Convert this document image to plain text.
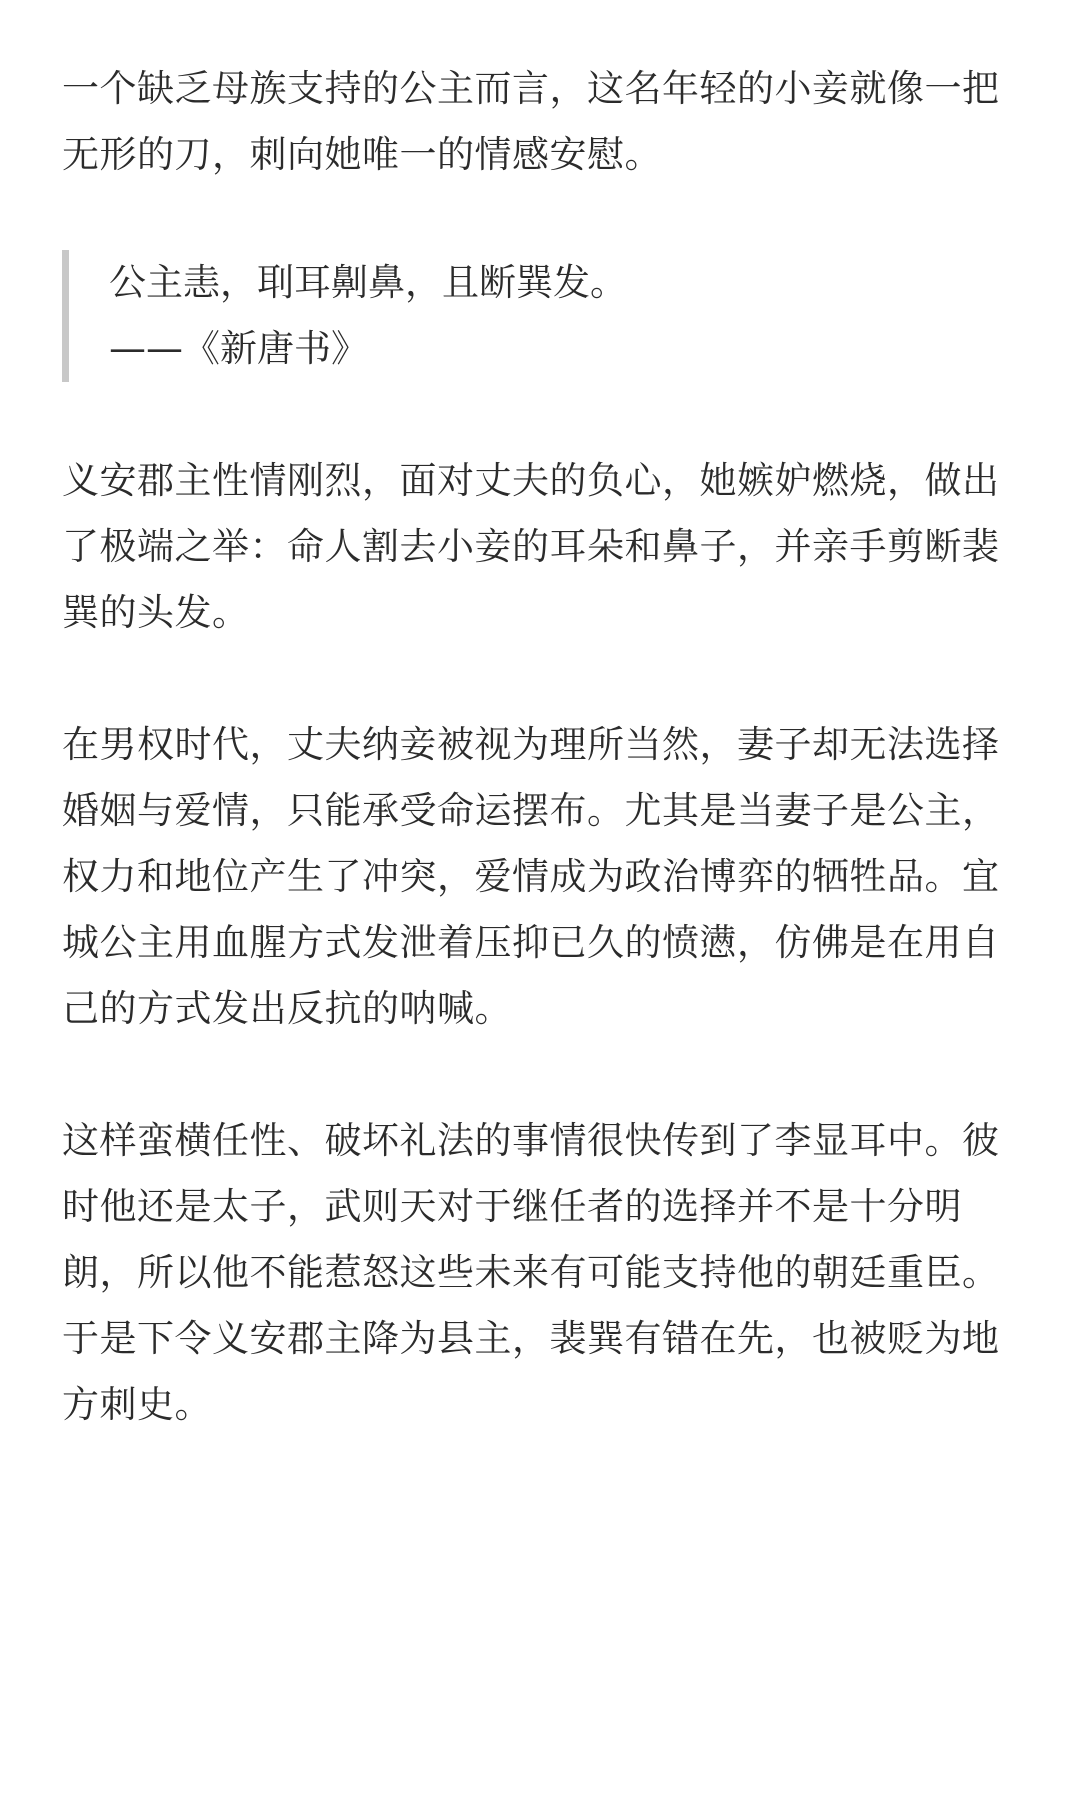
一个缺乏母族支持的公主而言，这名年轻的小妾就像一把无形的刀，刺向她唯一的情感安慰。

公主恚，刵耳劓鼻，且断巽发。
——《新唐书》

义安郡主性情刚烈，面对丈夫的负心，她嫉妒燃烧，做出了极端之举：命人割去小妾的耳朵和鼻子，并亲手剪断裴巽的头发。

在男权时代，丈夫纳妾被视为理所当然，妻子却无法选择婚姻与爱情，只能承受命运摆布。尤其是当妻子是公主，权力和地位产生了冲突，爱情成为政治博弈的牺牲品。宜城公主用血腥方式发泄着压抑已久的愤懑，仿佛是在用自己的方式发出反抗的呐喊。

这样蛮横任性、破坏礼法的事情很快传到了李显耳中。彼时他还是太子，武则天对于继任者的选择并不是十分明朗，所以他不能惹怒这些未来有可能支持他的朝廷重臣。于是下令义安郡主降为县主，裴巽有错在先，也被贬为地方刺史。
